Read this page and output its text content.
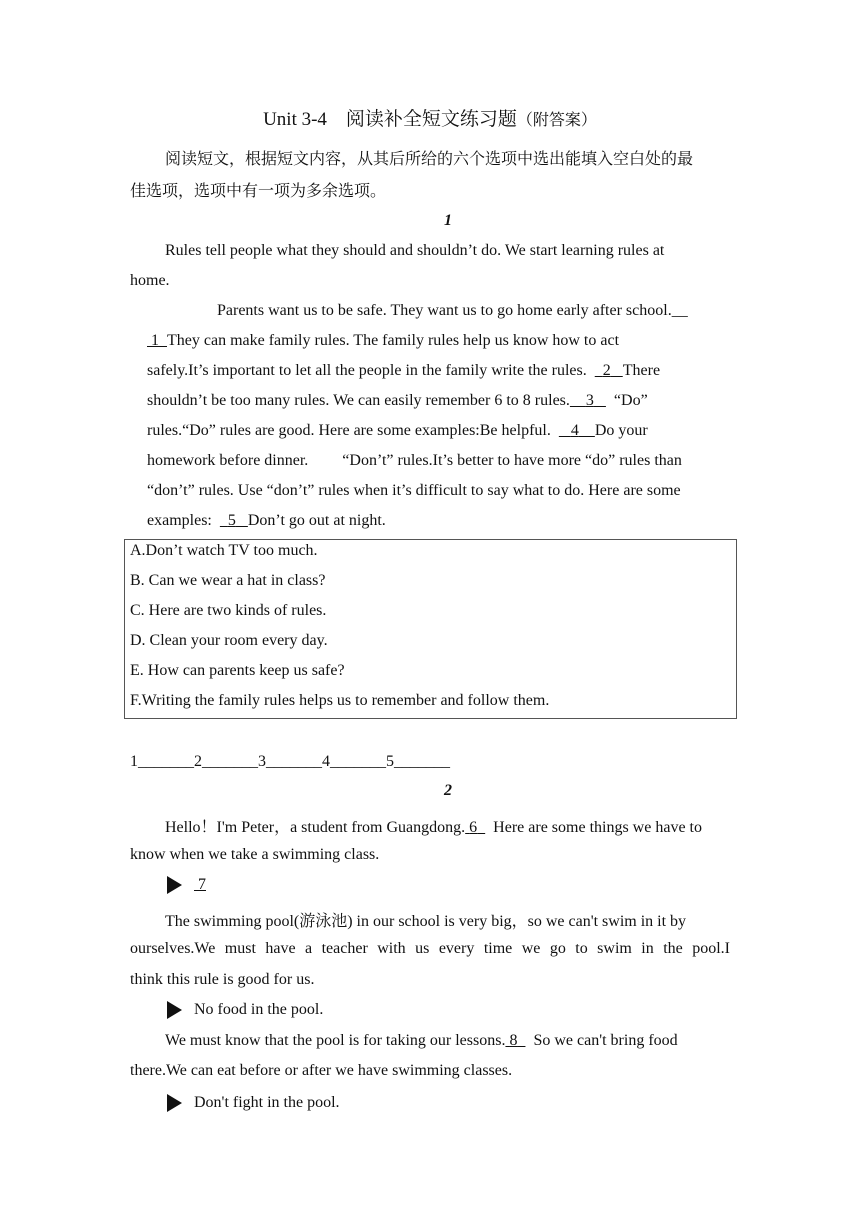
Unit 3-4　阅读补全短文练习题（附答案）
阅读短文，根据短文内容，从其后所给的六个选项中选出能填入空白处的最
佳选项，选项中有一项为多余选项。
1
Rules tell people what they should and shouldn’t do. We start learning rules at
home.
Parents want us to be safe. They want us to go home early after school.__
1 They can make family rules. The family rules help us know how to act
safely.It’s important to let all the people in the family write the rules. 2 There
shouldn’t be too many rules. We can easily remember 6 to 8 rules. 3 “Do”
rules.“Do” rules are good. Here are some examples:Be helpful. 4 Do your
homework before dinner. “Don’t” rules.It’s better to have more “do” rules than
“don’t” rules. Use “don’t” rules when it’s difficult to say what to do. Here are some
examples: 5 Don’t go out at night.
A.Don’t watch TV too much.
B. Can we wear a hat in class?
C. Here are two kinds of rules.
D. Clean your room every day.
E. How can parents keep us safe?
F.Writing the family rules helps us to remember and follow them.
1_______2_______3_______4_______5_______
2
Hello！I'm Peter，a student from Guangdong. 6 Here are some things we have to
know when we take a swimming class.
7
The swimming pool(游泳池) in our school is very big，so we can't swim in it by
ourselves.We must have a teacher with us every time we go to swim in the pool.I
think this rule is good for us.
No food in the pool.
We must know that the pool is for taking our lessons. 8 So we can't bring food
there.We can eat before or after we have swimming classes.
Don't fight in the pool.
